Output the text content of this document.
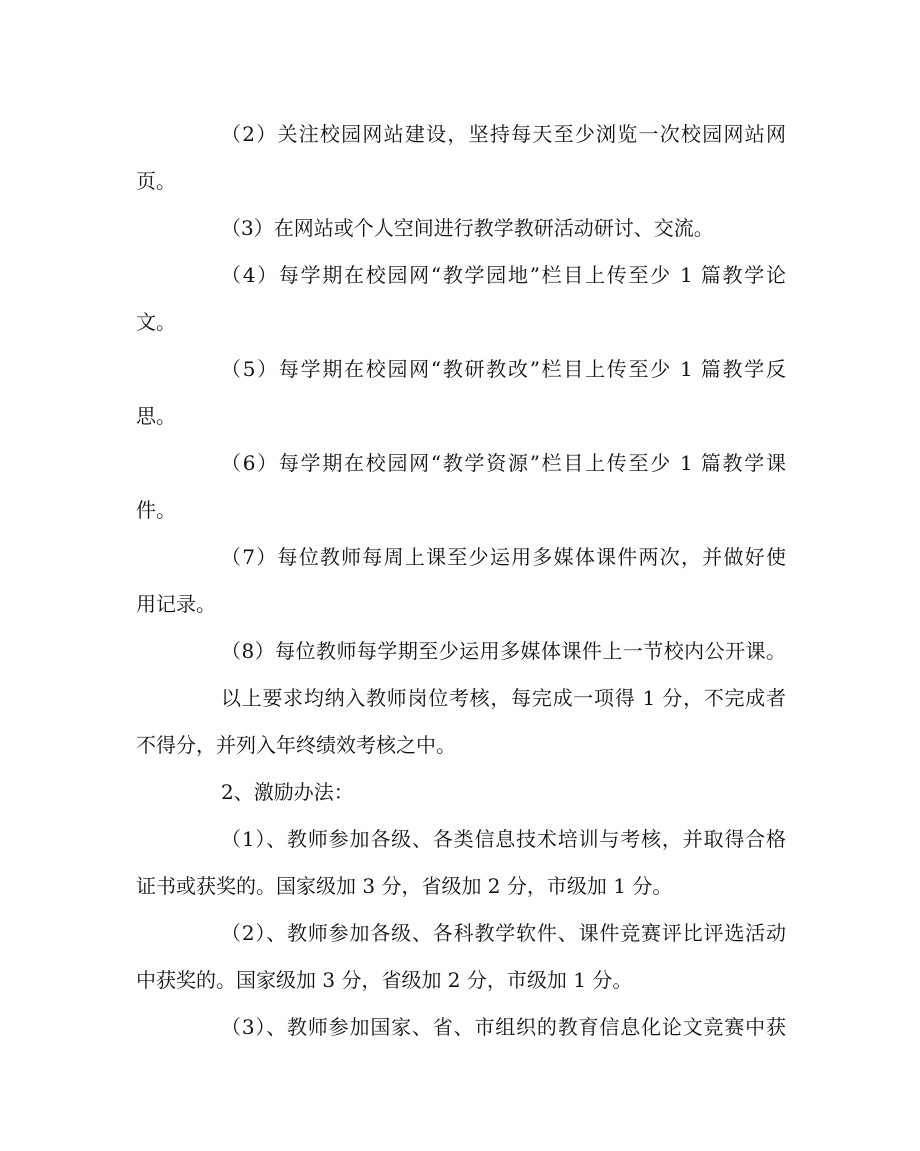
（2）关注校园网站建设，坚持每天至少浏览一次校园网站网
页。
（3）在网站或个人空间进行教学教研活动研讨、交流。
（4）每学期在校园网“教学园地”栏目上传至少 1 篇教学论
文。
（5）每学期在校园网“教研教改”栏目上传至少 1 篇教学反
思。
（6）每学期在校园网“教学资源”栏目上传至少 1 篇教学课
件。
（7）每位教师每周上课至少运用多媒体课件两次，并做好使
用记录。
（8）每位教师每学期至少运用多媒体课件上一节校内公开课。
以上要求均纳入教师岗位考核，每完成一项得 1 分，不完成者
不得分，并列入年终绩效考核之中。
2、激励办法：
（1）、教师参加各级、各类信息技术培训与考核，并取得合格
证书或获奖的。国家级加 3 分，省级加 2 分，市级加 1 分。
（2）、教师参加各级、各科教学软件、课件竞赛评比评选活动
中获奖的。国家级加 3 分，省级加 2 分，市级加 1 分。
（3）、教师参加国家、省、市组织的教育信息化论文竞赛中获
